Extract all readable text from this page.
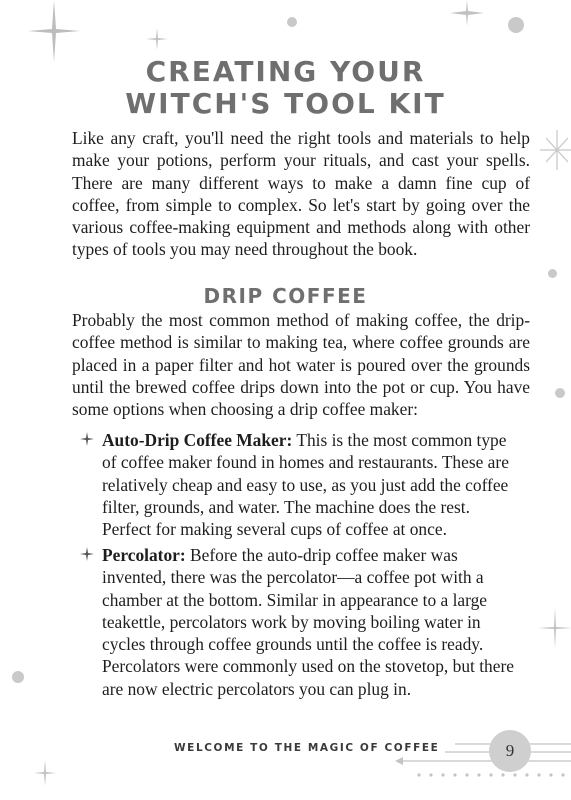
CREATING YOUR
WITCH'S TOOL KIT

Like any craft, you'll need the right tools and materials to help make your potions, perform your rituals, and cast your spells. There are many different ways to make a damn fine cup of coffee, from simple to complex. So let's start by going over the various coffee-making equipment and methods along with other types of tools you may need throughout the book.

DRIP COFFEE

Probably the most common method of making coffee, the drip-coffee method is similar to making tea, where coffee grounds are placed in a paper filter and hot water is poured over the grounds until the brewed coffee drips down into the pot or cup. You have some options when choosing a drip coffee maker:

Auto-Drip Coffee Maker: This is the most common type of coffee maker found in homes and restaurants. These are relatively cheap and easy to use, as you just add the coffee filter, grounds, and water. The machine does the rest. Perfect for making several cups of coffee at once.
Percolator: Before the auto-drip coffee maker was invented, there was the percolator—a coffee pot with a chamber at the bottom. Similar in appearance to a large teakettle, percolators work by moving boiling water in cycles through coffee grounds until the coffee is ready. Percolators were commonly used on the stovetop, but there are now electric percolators you can plug in.
WELCOME TO THE MAGIC OF COFFEE	9
